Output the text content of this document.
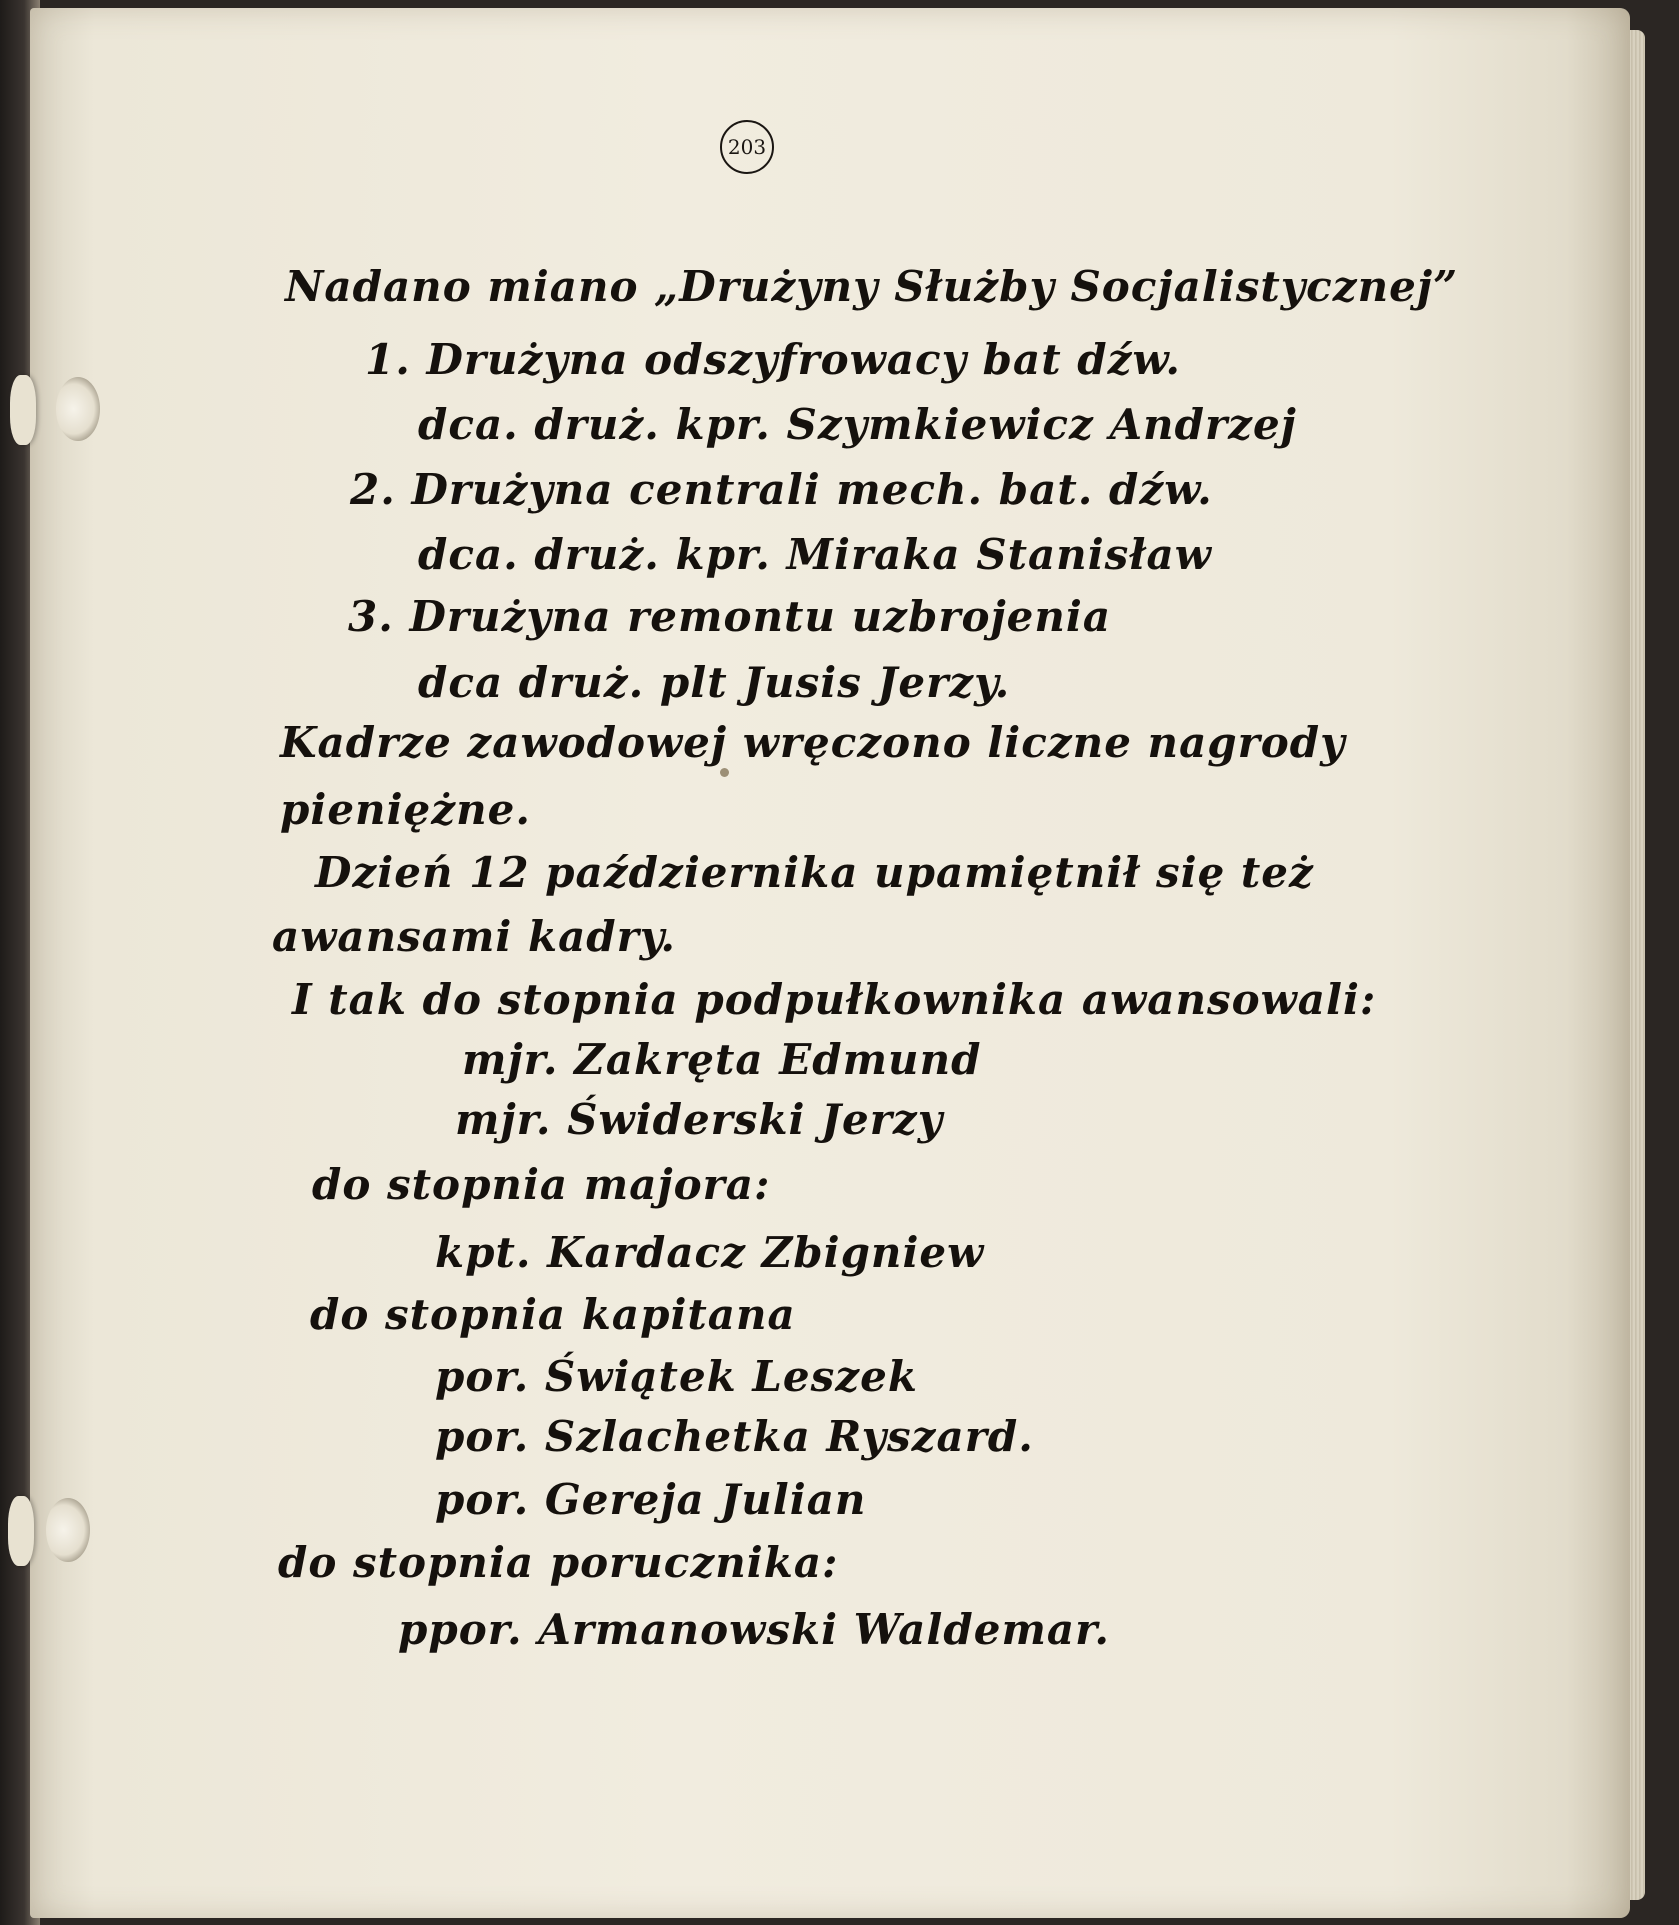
203
Nadano miano „Drużyny Służby Socjalistycznej”
1. Drużyna odszyfrowacy bat dźw.
dca. druż. kpr. Szymkiewicz Andrzej
2. Drużyna centrali mech. bat. dźw.
dca. druż. kpr. Miraka Stanisław
3. Drużyna remontu uzbrojenia
dca druż. plt Jusis Jerzy.
Kadrze zawodowej wręczono liczne nagrody
pieniężne.
Dzień 12 października upamiętnił się też
awansami kadry.
I tak do stopnia podpułkownika awansowali:
mjr. Zakręta Edmund
mjr. Świderski Jerzy
do stopnia majora:
kpt. Kardacz Zbigniew
do stopnia kapitana
por. Świątek Leszek
por. Szlachetka Ryszard.
por. Gereja Julian
do stopnia porucznika:
ppor. Armanowski Waldemar.
